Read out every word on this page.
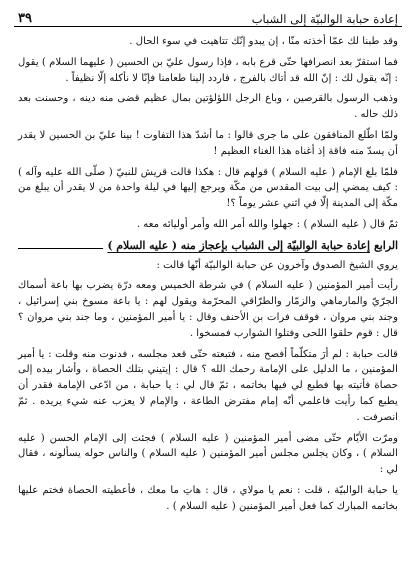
إعادة حبابة الوالبيّة إلى الشباب
٣٩

وقد طبنا لك عمّا أخذته منّا ، إن يبدو إنّك تتاهيت في سوء الحال .

فما استقرّ بعد انصرافها حتّى قرع بابه ، فإذا رسول عليّ بن الحسين ( عليهما السلام ) يقول : إنّه يقول لك : إنّ الله قد أتاك بالفرج ، فاردد إلينا طعامنا فإنّا لا نأكله إلّا نظيفاً .

وذهب الرسول بالقرصين ، وباع الرجل اللؤلؤتين بمال عظيم قضى منه دينه ، وحسنت بعد ذلك حاله .

ولمّا اطّلع المنافقون على ما جرى قالوا : ما أشدّ هذا التفاوت ! بينا عليّ بن الحسين لا يقدر أن يسدّ منه فاقة إذ أغناه هذا الغناء العظيم !

فلمّا بلغ الإمام ( عليه السلام ) قولهم قال : هكذا قالت قريش للنبيّ ( صلّى الله عليه وآله ) : كيف يمضي إلى بيت المقدس من مكّة ويرجع إليها في ليلة واحدة من لا يقدر أن يبلغ من مكّة إلى المدينة إلّا في اثني عشر يوماً ؟!

ثمّ قال ( عليه السلام ) : جهلوا والله أمر الله وأمر أوليائه معه .

الرابع
إعادة حبابة الوالبيّة إلى الشباب بإعجاز منه ( عليه السلام )

يروي الشيخ الصدوق وآخرون عن حبابة الوالبيّة أنّها قالت :

رأيت أمير المؤمنين ( عليه السلام ) في شرطة الخميس ومعه درّة يضرب بها باعة أسماك الجرّيّ والمارماهي والزمّار والطرّاقي المحرّمة ويقول لهم : يا باعة مسوخ بني إسرائيل ، وجند بني مروان ، فوقف فرات بن الأحنف وقال : يا أمير المؤمنين ، وما جند بني مروان ؟ قال : قوم حلقوا اللحى وفتلوا الشوارب فمسخوا .

قالت حبابة : لم أرَ متكلّماً أفصح منه ، فتبعته حتّى قعد مجلسه ، فدنوت منه وقلت : يا أمير المؤمنين ، ما الدليل على الإمامة رحمك الله ؟ قال : إيتيني بتلك الحصاة ، وأشار بيده إلى حصاة فأتيته بها فطبع لي فيها بخاتمه ، ثمّ قال لي : يا حبابة ، من ادّعى الإمامة فقدر أن يطبع كما رأيت فاعلمي أنّه إمام مفترض الطاعة ، والإمام لا يعزب عنه شيء يريده . ثمّ انصرفت .

ومرّت الأيّام حتّى مضى أمير المؤمنين ( عليه السلام ) فجئت إلى الإمام الحسن ( عليه السلام ) ، وكان يجلس مجلس أمير المؤمنين ( عليه السلام ) والناس حوله يسألونه ، فقال لي :

يا حبابة الوالبيّة ، قلت : نعم يا مولاي ، قال : هاتِ ما معك ، فأعطيته الحصاة فختم عليها بخاتمه المبارك كما فعل أمير المؤمنين ( عليه السلام ) .
